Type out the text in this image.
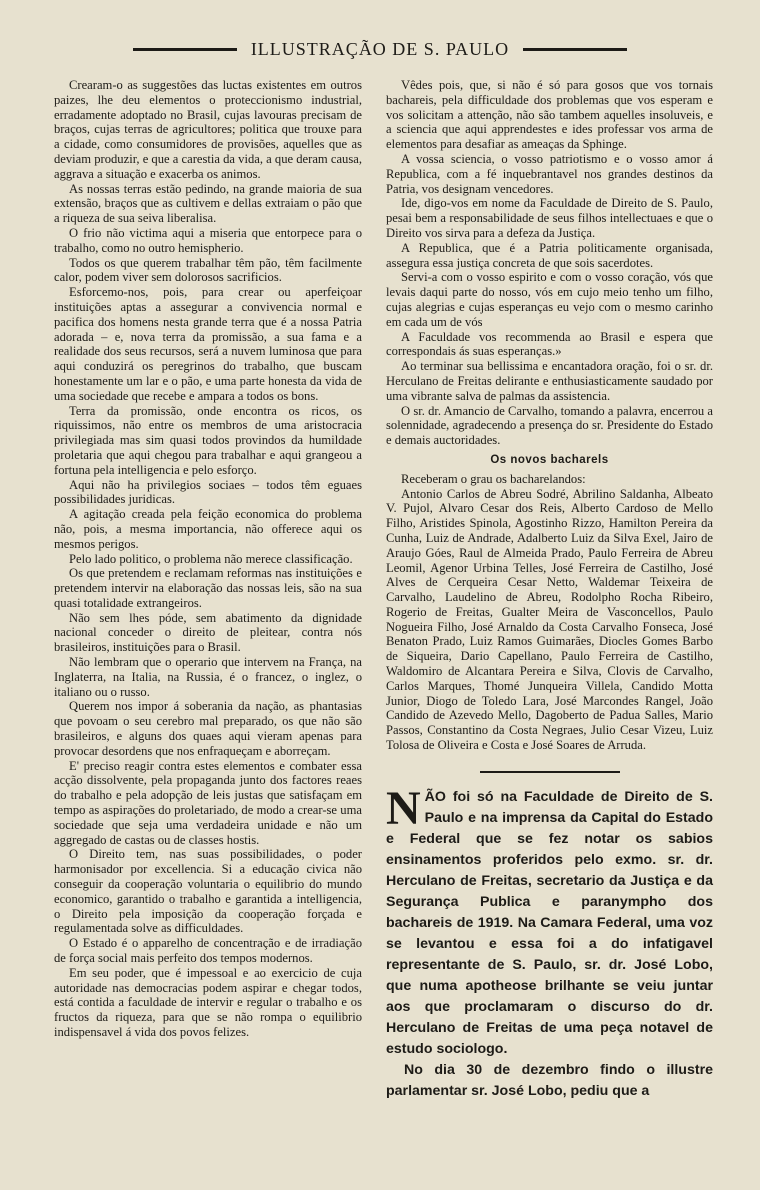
ILLUSTRAÇÃO DE S. PAULO

Crearam-o as suggestões das luctas existentes em outros paizes, lhe deu elementos o proteccionismo industrial, erradamente adoptado no Brasil, cujas lavouras precisam de braços, cujas terras de agricultores; politica que trouxe para a cidade, como consumidores de provisões, aquelles que as deviam produzir, e que a carestia da vida, a que deram causa, aggrava a situação e exacerba os animos.

As nossas terras estão pedindo, na grande maioria de sua extensão, braços que as cultivem e dellas extraiam o pão que a riqueza de sua seiva liberalisa.

O frio não victima aqui a miseria que entorpece para o trabalho, como no outro hemispherio.

Todos os que querem trabalhar têm pão, têm facilmente calor, podem viver sem dolorosos sacrificios.

Esforcemo-nos, pois, para crear ou aperfeiçoar instituições aptas a assegurar a convivencia normal e pacifica dos homens nesta grande terra que é a nossa Patria adorada – e, nova terra da promissão, a sua fama e a realidade dos seus recursos, será a nuvem luminosa que para aqui conduzirá os peregrinos do trabalho, que buscam honestamente um lar e o pão, e uma parte honesta da vida de uma sociedade que recebe e ampara a todos os bons.

Terra da promissão, onde encontra os ricos, os riquissimos, não entre os membros de uma aristocracia privilegiada mas sim quasi todos provindos da humildade proletaria que aqui chegou para trabalhar e aqui grangeou a fortuna pela intelligencia e pelo esforço.

Aqui não ha privilegios sociaes – todos têm eguaes possibilidades juridicas.

A agitação creada pela feição economica do problema não, pois, a mesma importancia, não offerece aqui os mesmos perigos.

Pelo lado politico, o problema não merece classificação.

Os que pretendem e reclamam reformas nas instituições e pretendem intervir na elaboração das nossas leis, são na sua quasi totalidade extrangeiros.

Não sem lhes póde, sem abatimento da dignidade nacional conceder o direito de pleitear, contra nós brasileiros, instituições para o Brasil.

Não lembram que o operario que intervem na França, na Inglaterra, na Italia, na Russia, é o francez, o inglez, o italiano ou o russo.

Querem nos impor á soberania da nação, as phantasias que povoam o seu cerebro mal preparado, os que não são brasileiros, e alguns dos quaes aqui vieram apenas para provocar desordens que nos enfraqueçam e aborreçam.

E' preciso reagir contra estes elementos e combater essa acção dissolvente, pela propaganda junto dos factores reaes do trabalho e pela adopção de leis justas que satisfaçam em tempo as aspirações do proletariado, de modo a crear-se uma sociedade que seja uma verdadeira unidade e não um aggregado de castas ou de classes hostis.

O Direito tem, nas suas possibilidades, o poder harmonisador por excellencia. Si a educação civica não conseguir da cooperação voluntaria o equilibrio do mundo economico, garantido o trabalho e garantida a intelligencia, o Direito pela imposição da cooperação forçada e regulamentada solve as difficuldades.

O Estado é o apparelho de concentração e de irradiação de força social mais perfeito dos tempos modernos.

Em seu poder, que é impessoal e ao exercicio de cuja autoridade nas democracias podem aspirar e chegar todos, está contida a faculdade de intervir e regular o trabalho e os fructos da riqueza, para que se não rompa o equilibrio indispensavel á vida dos povos felizes.

Vêdes pois, que, si não é só para gosos que vos tornais bachareis, pela difficuldade dos problemas que vos esperam e vos solicitam a attenção, não são tambem aquelles insoluveis, e a sciencia que aqui apprendestes e ides professar vos arma de elementos para desafiar as ameaças da Sphinge.

A vossa sciencia, o vosso patriotismo e o vosso amor á Republica, com a fé inquebrantavel nos grandes destinos da Patria, vos designam vencedores.

Ide, digo-vos em nome da Faculdade de Direito de S. Paulo, pesai bem a responsabilidade de seus filhos intellectuaes e que o Direito vos sirva para a defeza da Justiça.

A Republica, que é a Patria politicamente organisada, assegura essa justiça concreta de que sois sacerdotes.

Servi-a com o vosso espirito e com o vosso coração, vós que levais daqui parte do nosso, vós em cujo meio tenho um filho, cujas alegrias e cujas esperanças eu vejo com o mesmo carinho em cada um de vós

A Faculdade vos recommenda ao Brasil e espera que correspondais ás suas esperanças.»

Ao terminar sua bellissima e encantadora oração, foi o sr. dr. Herculano de Freitas delirante e enthusiasticamente saudado por uma vibrante salva de palmas da assistencia.

O sr. dr. Amancio de Carvalho, tomando a palavra, encerrou a solennidade, agradecendo a presença do sr. Presidente do Estado e demais auctoridades.

Os novos bacharels

Receberam o grau os bacharelandos:

Antonio Carlos de Abreu Sodré, Abrilino Saldanha, Albeato V. Pujol, Alvaro Cesar dos Reis, Alberto Cardoso de Mello Filho, Aristides Spinola, Agostinho Rizzo, Hamilton Pereira da Cunha, Luiz de Andrade, Adalberto Luiz da Silva Exel, Jairo de Araujo Góes, Raul de Almeida Prado, Paulo Ferreira de Abreu Leomil, Agenor Urbina Telles, José Ferreira de Castilho, José Alves de Cerqueira Cesar Netto, Waldemar Teixeira de Carvalho, Laudelino de Abreu, Rodolpho Rocha Ribeiro, Rogerio de Freitas, Gualter Meira de Vasconcellos, Paulo Nogueira Filho, José Arnaldo da Costa Carvalho Fonseca, José Benaton Prado, Luiz Ramos Guimarães, Diocles Gomes Barbo de Siqueira, Dario Capellano, Paulo Ferreira de Castilho, Waldomiro de Alcantara Pereira e Silva, Clovis de Carvalho, Carlos Marques, Thomé Junqueira Villela, Candido Motta Junior, Diogo de Toledo Lara, José Marcondes Rangel, João Candido de Azevedo Mello, Dagoberto de Padua Salles, Mario Passos, Constantino da Costa Negraes, Julio Cesar Vizeu, Luiz Tolosa de Oliveira e Costa e José Soares de Arruda.

NÃO foi só na Faculdade de Direito de S. Paulo e na imprensa da Capital do Estado e Federal que se fez notar os sabios ensinamentos proferidos pelo exmo. sr. dr. Herculano de Freitas, secretario da Justiça e da Segurança Publica e paranympho dos bachareis de 1919. Na Camara Federal, uma voz se levantou e essa foi a do infatigavel representante de S. Paulo, sr. dr. José Lobo, que numa apotheose brilhante se veiu juntar aos que proclamaram o discurso do dr. Herculano de Freitas de uma peça notavel de estudo sociologo.

No dia 30 de dezembro findo o illustre parlamentar sr. José Lobo, pediu que a
